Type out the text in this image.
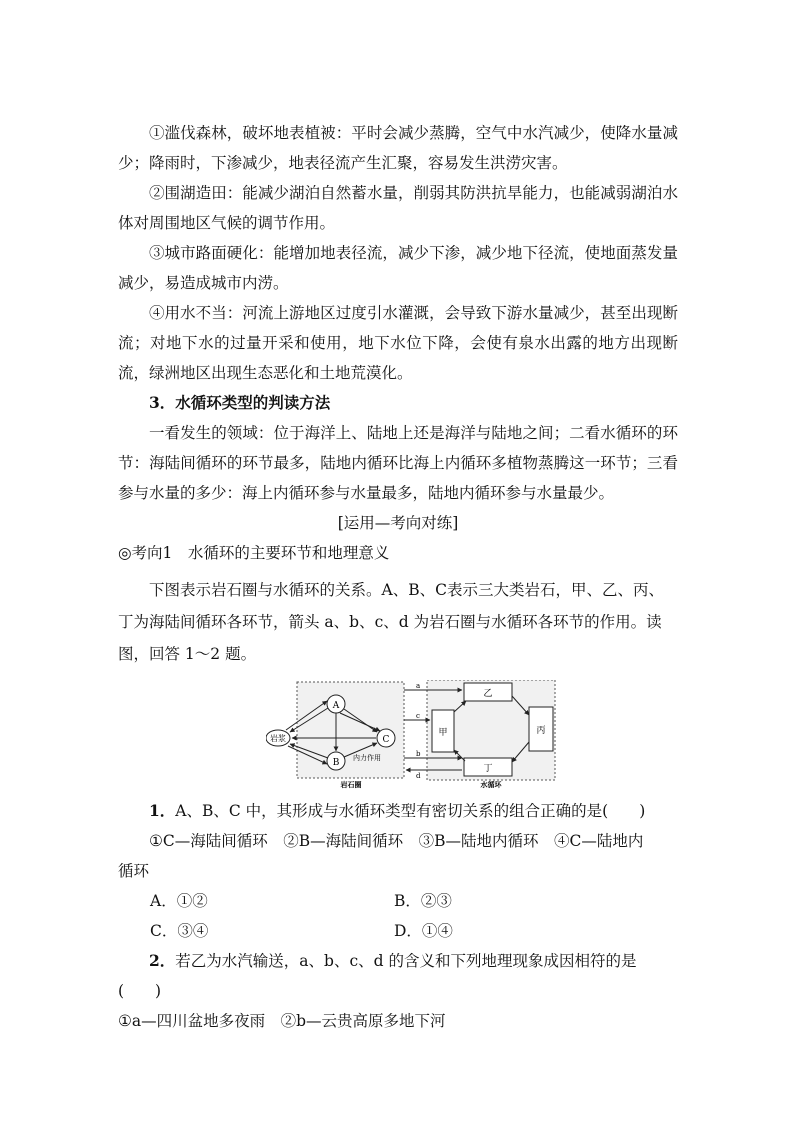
①滥伐森林，破坏地表植被：平时会减少蒸腾，空气中水汽减少，使降水量减少；降雨时，下渗减少，地表径流产生汇聚，容易发生洪涝灾害。

②围湖造田：能减少湖泊自然蓄水量，削弱其防洪抗旱能力，也能减弱湖泊水体对周围地区气候的调节作用。

③城市路面硬化：能增加地表径流，减少下渗，减少地下径流，使地面蒸发量减少，易造成城市内涝。

④用水不当：河流上游地区过度引水灌溉，会导致下游水量减少，甚至出现断流；对地下水的过量开采和使用，地下水位下降，会使有泉水出露的地方出现断流，绿洲地区出现生态恶化和土地荒漠化。

3．水循环类型的判读方法

一看发生的领域：位于海洋上、陆地上还是海洋与陆地之间；二看水循环的环节：海陆间循环的环节最多，陆地内循环比海上内循环多植物蒸腾这一环节；三看参与水量的多少：海上内循环参与水量最多，陆地内循环参与水量最少。

[运用—考向对练]

◎考向1　水循环的主要环节和地理意义

下图表示岩石圈与水循环的关系。A、B、C表示三大类岩石，甲、乙、丙、

丁为海陆间循环各环节，箭头 a、b、c、d 为岩石圈与水循环各环节的作用。读

图，回答 1～2 题。

A
C
B
岩浆
内力作用
岩石圈	水循环
甲
乙
丙
丁
a
c
b
d

1．A、B、C 中，其形成与水循环类型有密切关系的组合正确的是(　　)

①C—海陆间循环　②B—海陆间循环　③B—陆地内循环　④C—陆地内

循环

A．①②	B．②③
C．③④	D．①④

2．若乙为水汽输送，a、b、c、d 的含义和下列地理现象成因相符的是(　　)

①a—四川盆地多夜雨　②b—云贵高原多地下河
